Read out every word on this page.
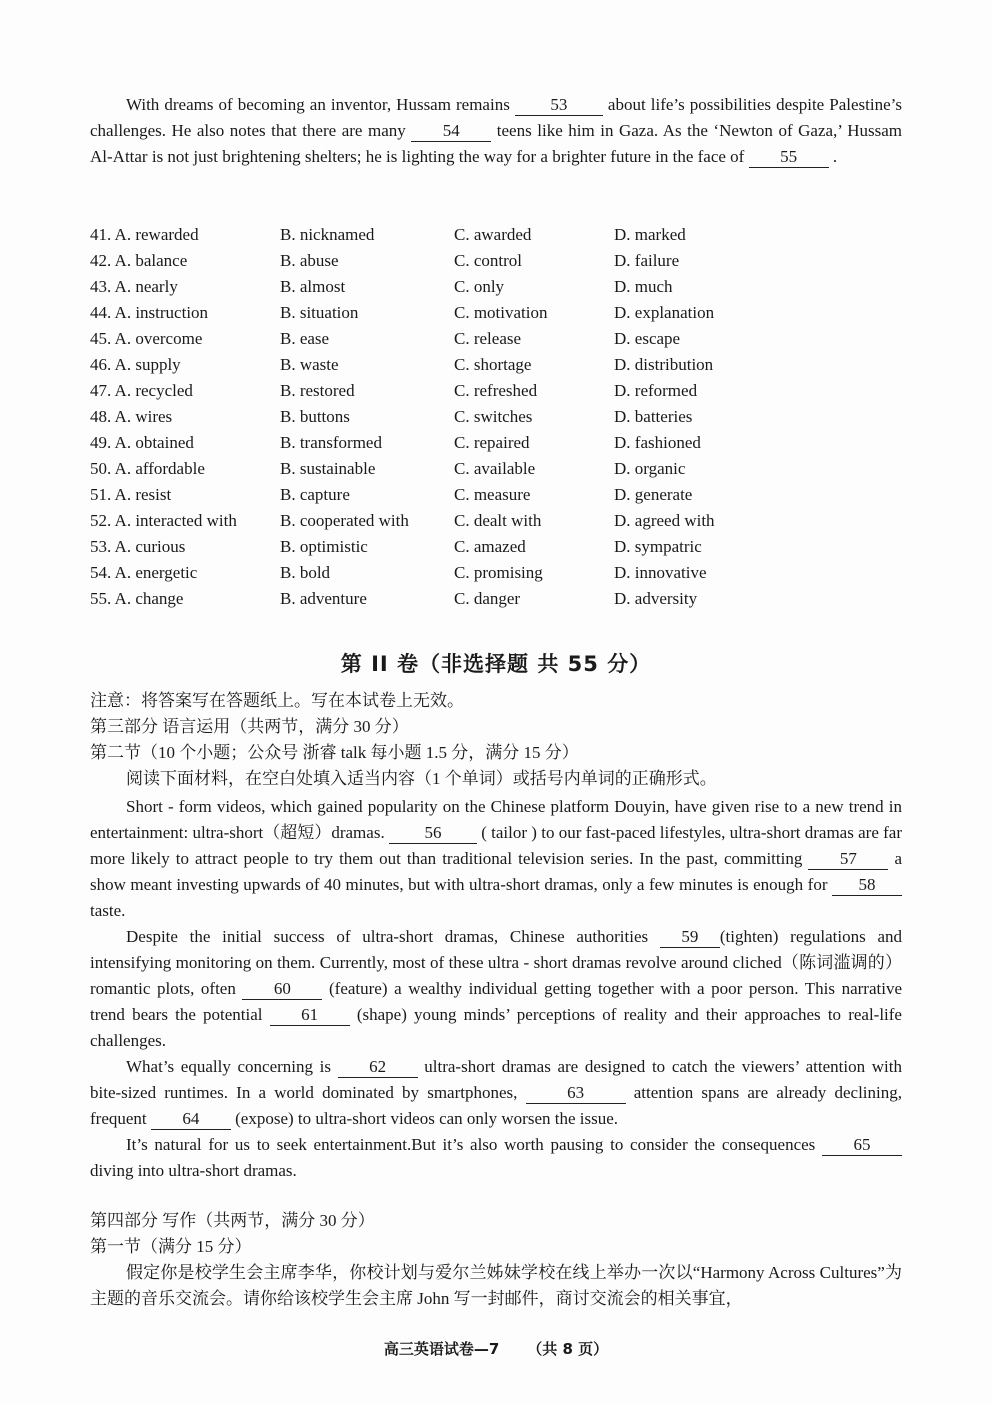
With dreams of becoming an inventor, Hussam remains 53 about life’s possibilities despite Palestine’s challenges. He also notes that there are many 54 teens like him in Gaza. As the ‘Newton of Gaza,’ Hussam Al-Attar is not just brightening shelters; he is lighting the way for a brighter future in the face of 55 .
41. A. rewarded	B. nicknamed	C. awarded	D. marked
42. A. balance	B. abuse	C. control	D. failure
43. A. nearly	B. almost	C. only	D. much
44. A. instruction	B. situation	C. motivation	D. explanation
45. A. overcome	B. ease	C. release	D. escape
46. A. supply	B. waste	C. shortage	D. distribution
47. A. recycled	B. restored	C. refreshed	D. reformed
48. A. wires	B. buttons	C. switches	D. batteries
49. A. obtained	B. transformed	C. repaired	D. fashioned
50. A. affordable	B. sustainable	C. available	D. organic
51. A. resist	B. capture	C. measure	D. generate
52. A. interacted with	B. cooperated with	C. dealt with	D. agreed with
53. A. curious	B. optimistic	C. amazed	D. sympatric
54. A. energetic	B. bold	C. promising	D. innovative
55. A. change	B. adventure	C. danger	D. adversity
第 II 卷（非选择题 共 55 分）
注意：将答案写在答题纸上。写在本试卷上无效。
第三部分 语言运用（共两节，满分 30 分）
第二节（10 个小题；公众号 浙睿 talk 每小题 1.5 分，满分 15 分）
阅读下面材料，在空白处填入适当内容（1 个单词）或括号内单词的正确形式。
Short - form videos, which gained popularity on the Chinese platform Douyin, have given rise to a new trend in entertainment: ultra-short（超短）dramas. 56 ( tailor ) to our fast-paced lifestyles, ultra-short dramas are far more likely to attract people to try them out than traditional television series. In the past, committing 57 a show meant investing upwards of 40 minutes, but with ultra-short dramas, only a few minutes is enough for 58 taste.
Despite the initial success of ultra-short dramas, Chinese authorities 59 (tighten) regulations and intensifying monitoring on them. Currently, most of these ultra - short dramas revolve around cliched（陈词滥调的）romantic plots, often 60 (feature) a wealthy individual getting together with a poor person. This narrative trend bears the potential 61 (shape) young minds’ perceptions of reality and their approaches to real-life challenges.
What’s equally concerning is 62 ultra-short dramas are designed to catch the viewers’ attention with bite-sized runtimes. In a world dominated by smartphones, 63 attention spans are already declining, frequent 64 (expose) to ultra-short videos can only worsen the issue.
It’s natural for us to seek entertainment.But it’s also worth pausing to consider the consequences 65 diving into ultra-short dramas.
第四部分 写作（共两节，满分 30 分）
第一节（满分 15 分）
假定你是校学生会主席李华，你校计划与爱尔兰姊妹学校在线上举办一次以“Harmony Across Cultures”为主题的音乐交流会。请你给该校学生会主席 John 写一封邮件，商讨交流会的相关事宜，
高三英语试卷—7 （共 8 页）
